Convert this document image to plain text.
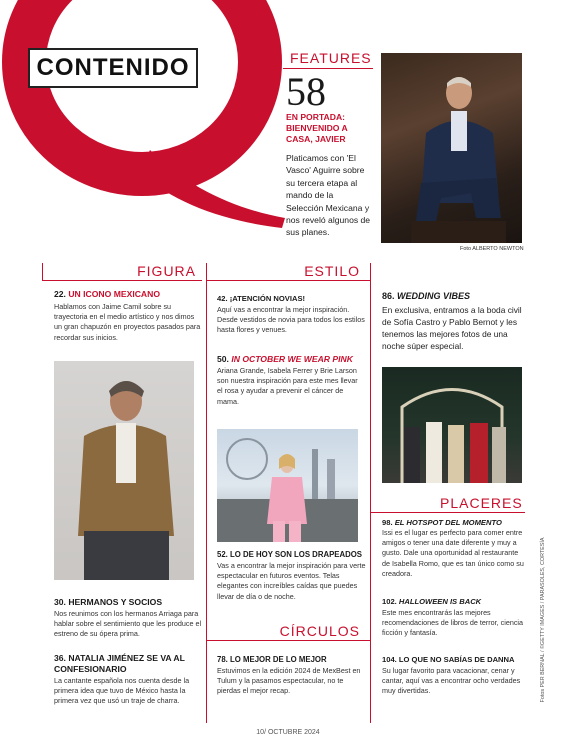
CONTENIDO	FEATURES
58
EN PORTADA: BIENVENIDO A CASA, JAVIER
Platicamos con 'El Vasco' Aguirre sobre su tercera etapa al mando de la Selección Mexicana y nos reveló algunos de sus planes.
Foto ALBERTO NEWTON
FIGURA
22. UN ICONO MEXICANO
Hablamos con Jaime Camil sobre su trayectoria en el medio artístico y nos dimos un gran chapuzón en proyectos pasados para recordar sus inicios.
30. HERMANOS Y SOCIOS
Nos reunimos con los hermanos Arriaga para hablar sobre el sentimiento que les produce el estreno de su ópera prima.
36. NATALIA JIMÉNEZ SE VA AL CONFESIONARIO
La cantante española nos cuenta desde la primera idea que tuvo de México hasta la primera vez que usó un traje de charra.
ESTILO
42. ¡ATENCIÓN NOVIAS!
Aquí vas a encontrar la mejor inspiración. Desde vestidos de novia para todos los estilos hasta flores y venues.
50. IN OCTOBER WE WEAR PINK
Ariana Grande, Isabela Ferrer y Brie Larson son nuestra inspiración para este mes llevar el rosa y ayudar a prevenir el cáncer de mama.
52. LO DE HOY SON LOS DRAPEADOS
Vas a encontrar la mejor inspiración para verte espectacular en futuros eventos. Telas elegantes con increíbles caídas que puedes llevar de día o de noche.
CÍRCULOS
78. LO MEJOR DE LO MEJOR
Estuvimos en la edición 2024 de MexBest en Tulum y la pasamos espectacular, no te pierdas el mejor recap.
86. WEDDING VIBES
En exclusiva, entramos a la boda civil de Sofía Castro y Pablo Bernot y les tenemos las mejores fotos de una noche súper especial.
PLACERES
98. EL HOTSPOT DEL MOMENTO
Issi es el lugar es perfecto para comer entre amigos o tener una date diferente y muy a gusto. Dale una oportunidad al restaurante de Isabella Romo, que es tan único como su creadora.
102. HALLOWEEN IS BACK
Este mes encontrarás las mejores recomendaciones de libros de terror, ciencia ficción y fantasía.
104. LO QUE NO SABÍAS DE DANNA
Su lugar favorito para vacacionar, cenar y cantar, aquí vas a encontrar ocho verdades muy divertidas.	Fotos PER BERNAL / ©GETTY IMAGES / PARASOLES, CORTESÍA
10/ OCTUBRE 2024
